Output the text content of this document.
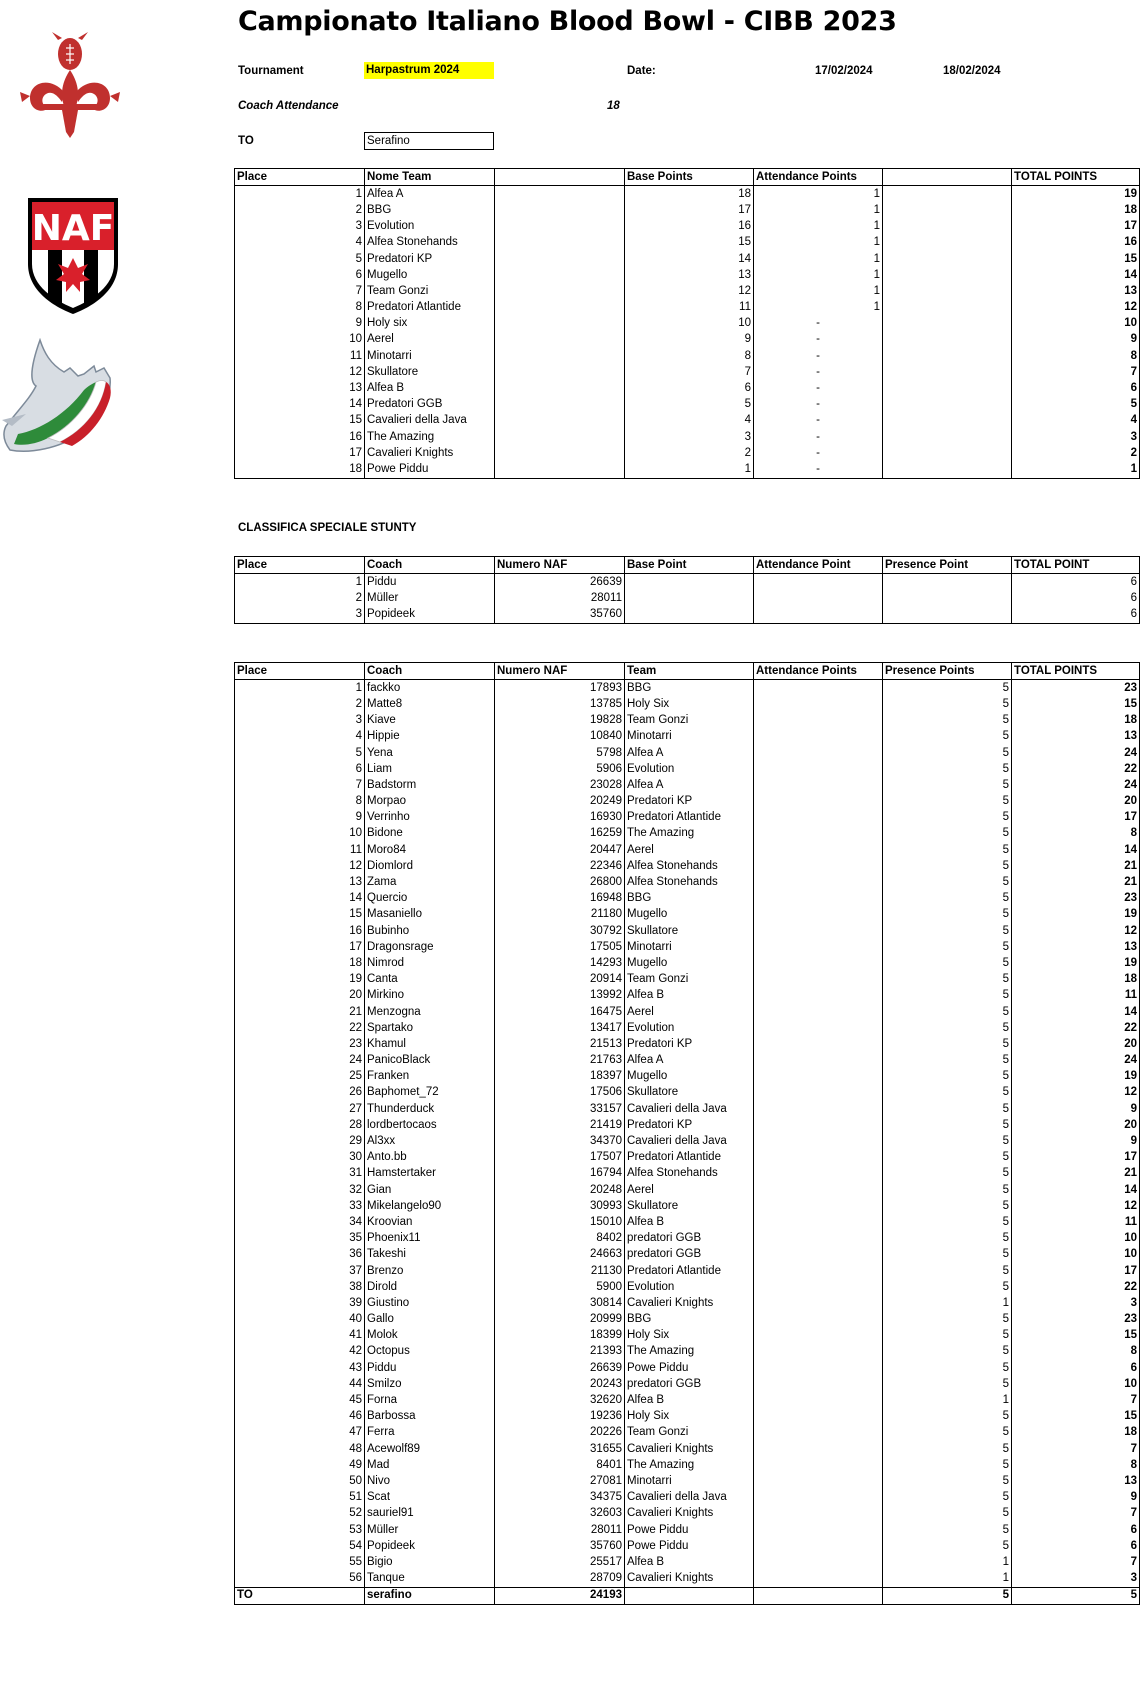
Campionato Italiano Blood Bowl - CIBB 2023
Tournament	Harpastrum 2024	Date:	17/02/2024	18/02/2024
Coach Attendance	18
TO	Serafino
NAF
Place	Nome Team		Base Points	Attendance Points		TOTAL POINTS
1	Alfea A		18	1		19
2	BBG		17	1		18
3	Evolution		16	1		17
4	Alfea Stonehands		15	1		16
5	Predatori KP		14	1		15
6	Mugello		13	1		14
7	Team Gonzi		12	1		13
8	Predatori Atlantide		11	1		12
9	Holy six		10	-		10
10	Aerel		9	-		9
11	Minotarri		8	-		8
12	Skullatore		7	-		7
13	Alfea B		6	-		6
14	Predatori GGB		5	-		5
15	Cavalieri della Java		4	-		4
16	The Amazing		3	-		3
17	Cavalieri Knights		2	-		2
18	Powe Piddu		1	-		1
CLASSIFICA SPECIALE STUNTY
Place	Coach	Numero NAF	Base Point	Attendance Point	Presence Point	TOTAL POINT
1	Piddu	26639				6
2	Müller	28011				6
3	Popideek	35760				6
Place	Coach	Numero NAF	Team	Attendance Points	Presence Points	TOTAL POINTS
1	fackko	17893	BBG		5	23
2	Matte8	13785	Holy Six		5	15
3	Kiave	19828	Team Gonzi		5	18
4	Hippie	10840	Minotarri		5	13
5	Yena	5798	Alfea A		5	24
6	Liam	5906	Evolution		5	22
7	Badstorm	23028	Alfea A		5	24
8	Morpao	20249	Predatori KP		5	20
9	Verrinho	16930	Predatori Atlantide		5	17
10	Bidone	16259	The Amazing		5	8
11	Moro84	20447	Aerel		5	14
12	Diomlord	22346	Alfea Stonehands		5	21
13	Zama	26800	Alfea Stonehands		5	21
14	Quercio	16948	BBG		5	23
15	Masaniello	21180	Mugello		5	19
16	Bubinho	30792	Skullatore		5	12
17	Dragonsrage	17505	Minotarri		5	13
18	Nimrod	14293	Mugello		5	19
19	Canta	20914	Team Gonzi		5	18
20	Mirkino	13992	Alfea B		5	11
21	Menzogna	16475	Aerel		5	14
22	Spartako	13417	Evolution		5	22
23	Khamul	21513	Predatori KP		5	20
24	PanicoBlack	21763	Alfea A		5	24
25	Franken	18397	Mugello		5	19
26	Baphomet_72	17506	Skullatore		5	12
27	Thunderduck	33157	Cavalieri della Java		5	9
28	lordbertocaos	21419	Predatori KP		5	20
29	Al3xx	34370	Cavalieri della Java		5	9
30	Anto.bb	17507	Predatori Atlantide		5	17
31	Hamstertaker	16794	Alfea Stonehands		5	21
32	Gian	20248	Aerel		5	14
33	Mikelangelo90	30993	Skullatore		5	12
34	Kroovian	15010	Alfea B		5	11
35	Phoenix11	8402	predatori GGB		5	10
36	Takeshi	24663	predatori GGB		5	10
37	Brenzo	21130	Predatori Atlantide		5	17
38	Dirold	5900	Evolution		5	22
39	Giustino	30814	Cavalieri Knights		1	3
40	Gallo	20999	BBG		5	23
41	Molok	18399	Holy Six		5	15
42	Octopus	21393	The Amazing		5	8
43	Piddu	26639	Powe Piddu		5	6
44	Smilzo	20243	predatori GGB		5	10
45	Forna	32620	Alfea B		1	7
46	Barbossa	19236	Holy Six		5	15
47	Ferra	20226	Team Gonzi		5	18
48	Acewolf89	31655	Cavalieri Knights		5	7
49	Mad	8401	The Amazing		5	8
50	Nivo	27081	Minotarri		5	13
51	Scat	34375	Cavalieri della Java		5	9
52	sauriel91	32603	Cavalieri Knights		5	7
53	Müller	28011	Powe Piddu		5	6
54	Popideek	35760	Powe Piddu		5	6
55	Bigio	25517	Alfea B		1	7
56	Tanque	28709	Cavalieri Knights		1	3
TO	serafino	24193			5	5
